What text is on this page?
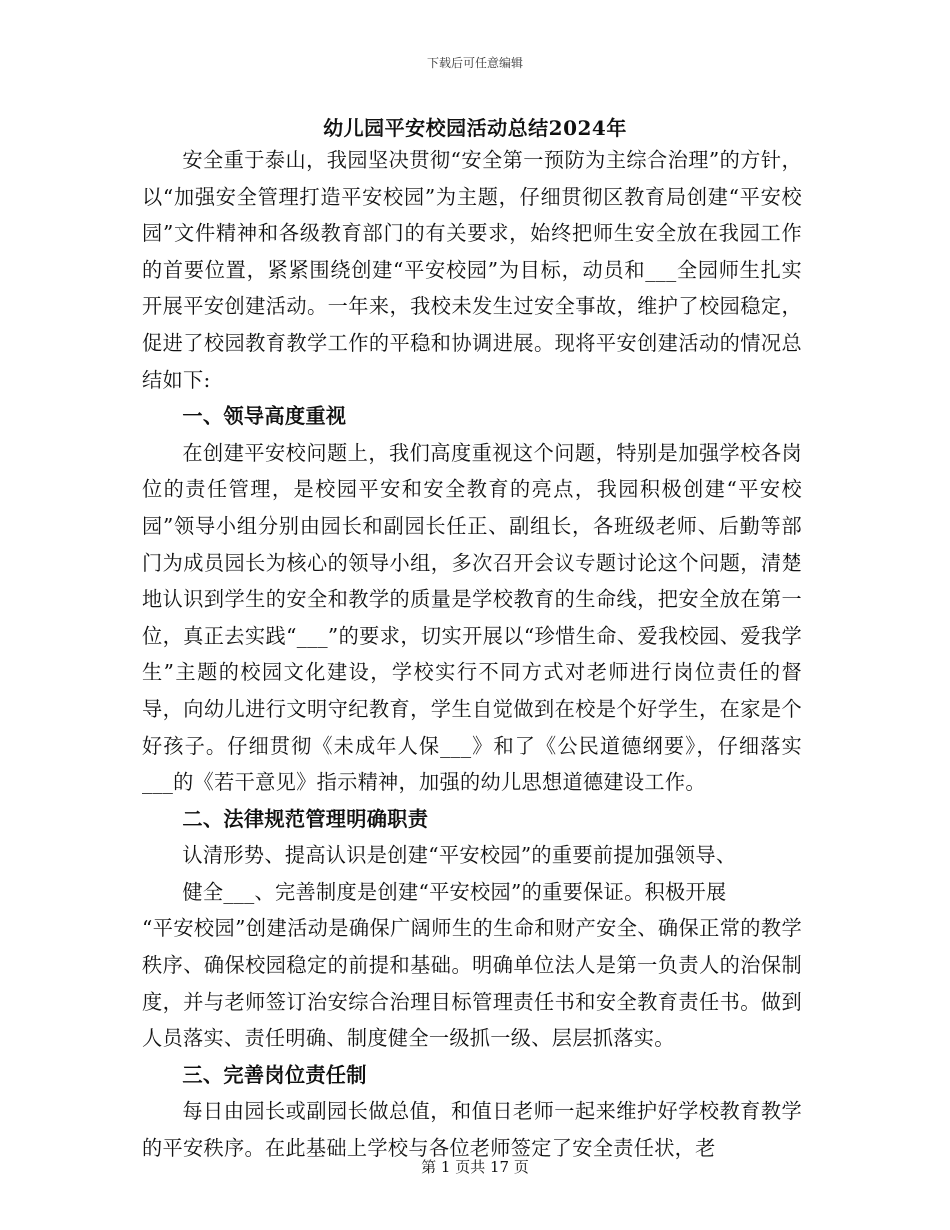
下载后可任意编辑
幼儿园平安校园活动总结2024年

安全重于泰山，我园坚决贯彻“安全第一预防为主综合治理”的方针，以“加强安全管理打造平安校园”为主题，仔细贯彻区教育局创建“平安校园”文件精神和各级教育部门的有关要求，始终把师生安全放在我园工作的首要位置，紧紧围绕创建“平安校园”为目标，动员和___全园师生扎实开展平安创建活动。一年来，我校未发生过安全事故，维护了校园稳定，促进了校园教育教学工作的平稳和协调进展。现将平安创建活动的情况总结如下:

一、领导高度重视

在创建平安校问题上，我们高度重视这个问题，特别是加强学校各岗位的责任管理，是校园平安和安全教育的亮点，我园积极创建“平安校园”领导小组分别由园长和副园长任正、副组长，各班级老师、后勤等部门为成员园长为核心的领导小组，多次召开会议专题讨论这个问题，清楚地认识到学生的安全和教学的质量是学校教育的生命线，把安全放在第一位，真正去实践“___”的要求，切实开展以“珍惜生命、爱我校园、爱我学生”主题的校园文化建设，学校实行不同方式对老师进行岗位责任的督导，向幼儿进行文明守纪教育，学生自觉做到在校是个好学生，在家是个好孩子。仔细贯彻《未成年人保___》和了《公民道德纲要》，仔细落实___的《若干意见》指示精神，加强的幼儿思想道德建设工作。

二、法律规范管理明确职责

认清形势、提高认识是创建“平安校园”的重要前提加强领导、

健全___、完善制度是创建“平安校园”的重要保证。积极开展

“平安校园”创建活动是确保广阔师生的生命和财产安全、确保正常的教学秩序、确保校园稳定的前提和基础。明确单位法人是第一负责人的治保制度，并与老师签订治安综合治理目标管理责任书和安全教育责任书。做到人员落实、责任明确、制度健全一级抓一级、层层抓落实。

三、完善岗位责任制

每日由园长或副园长做总值，和值日老师一起来维护好学校教育教学的平安秩序。在此基础上学校与各位老师签定了安全责任状，老

第 1 页共 17 页
